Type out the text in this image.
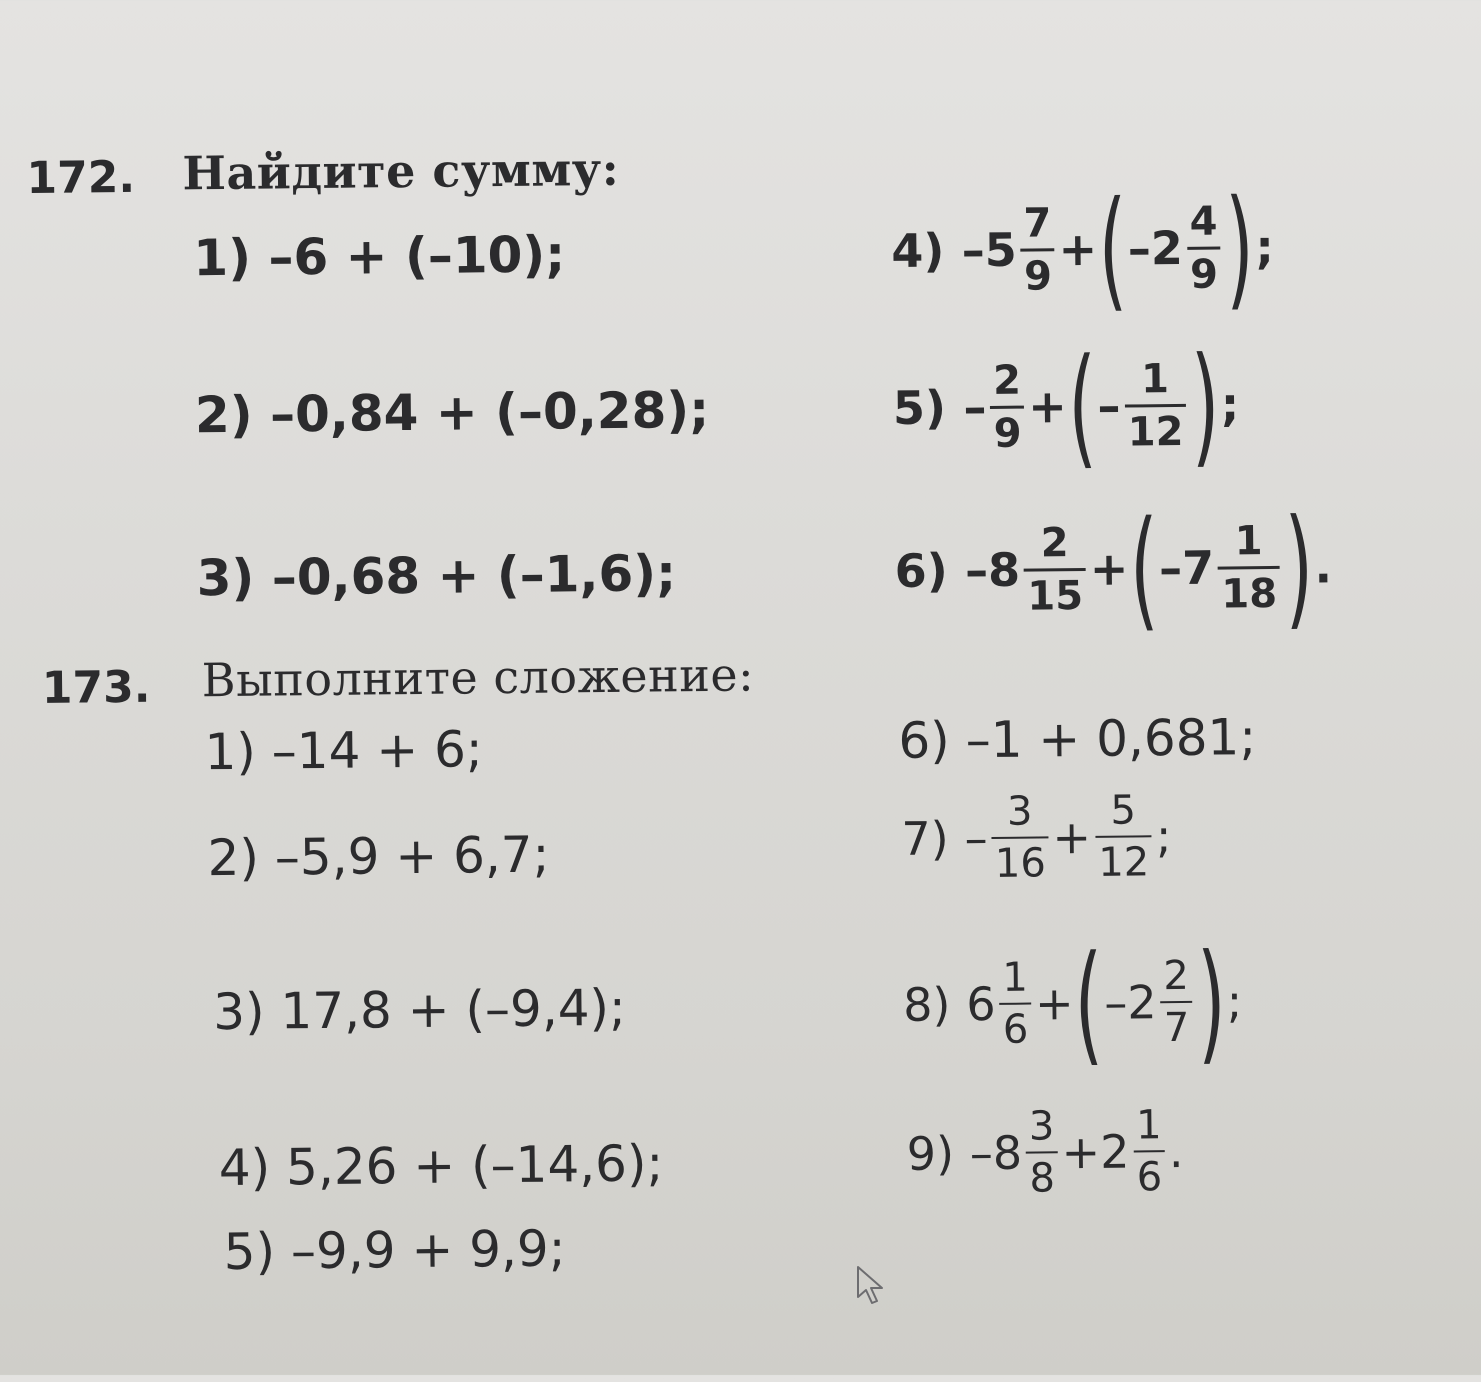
172. Найдите сумму:
1) –6 + (–10);
2) –0,84 + (–0,28);
3) –0,68 + (–1,6);
4)
$-5 \frac{7}{9}$ + ( $-2 \frac{4}{9}$ ) ;
5)
– $\frac{2}{9}$ + ( – $\frac{1}{12}$ ) ;
6)
$-8 \frac{2}{15}$ + ( $-7 \frac{1}{18}$ ) .
173. Выполните сложение:
1) –14 + 6;
2) –5,9 + 6,7;
3) 17,8 + (–9,4);
4) 5,26 + (–14,6);
5) –9,9 + 9,9;
6) –1 + 0,681;
7)
– $\frac{3}{16} + \frac{5}{12}$ ;
8)
$6 \frac{1}{6}$ + ( $-2 \frac{2}{7}$ ) ;
9)
$-8 \frac{3}{8} + 2 \frac{1}{6}$ .
